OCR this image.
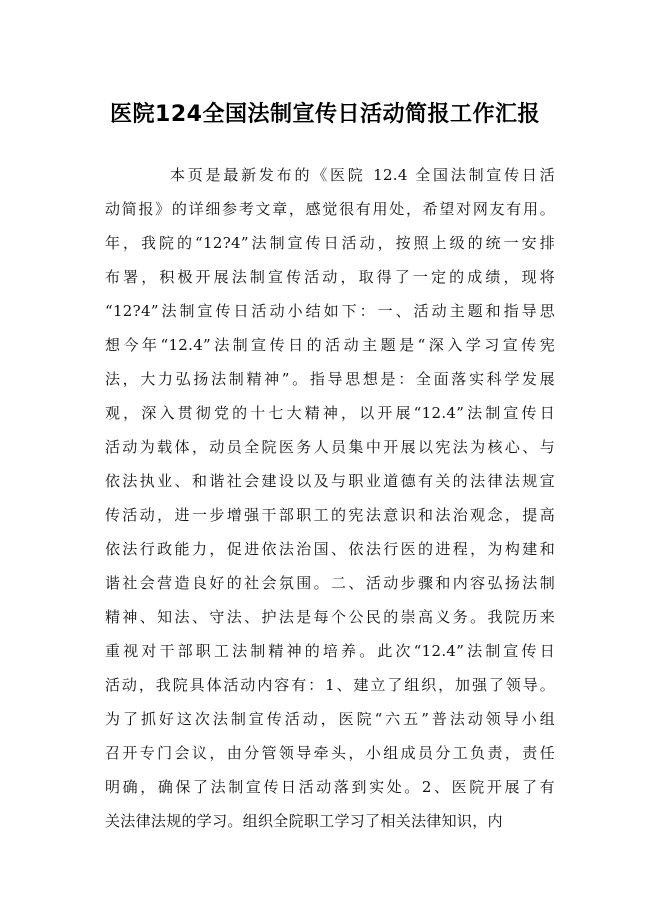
医院124全国法制宣传日活动简报工作汇报
本页是最新发布的《医院 12.4 全国法制宣传日活
动简报》的详细参考文章，感觉很有用处，希望对网友有用。
年，我院的“12?4”法制宣传日活动，按照上级的统一安排
布署，积极开展法制宣传活动，取得了一定的成绩，现将
“12?4”法制宣传日活动小结如下：一、活动主题和指导思
想今年“12.4”法制宣传日的活动主题是“深入学习宣传宪
法，大力弘扬法制精神”。指导思想是：全面落实科学发展
观，深入贯彻党的十七大精神，以开展“12.4”法制宣传日
活动为载体，动员全院医务人员集中开展以宪法为核心、与
依法执业、和谐社会建设以及与职业道德有关的法律法规宣
传活动，进一步增强干部职工的宪法意识和法治观念，提高
依法行政能力，促进依法治国、依法行医的进程，为构建和
谐社会营造良好的社会氛围。二、活动步骤和内容弘扬法制
精神、知法、守法、护法是每个公民的崇高义务。我院历来
重视对干部职工法制精神的培养。此次“12.4”法制宣传日
活动，我院具体活动内容有：1、建立了组织，加强了领导。
为了抓好这次法制宣传活动，医院“六五”普法动领导小组
召开专门会议，由分管领导牵头，小组成员分工负责，责任
明确，确保了法制宣传日活动落到实处。2、医院开展了有
关法律法规的学习。组织全院职工学习了相关法律知识，内
